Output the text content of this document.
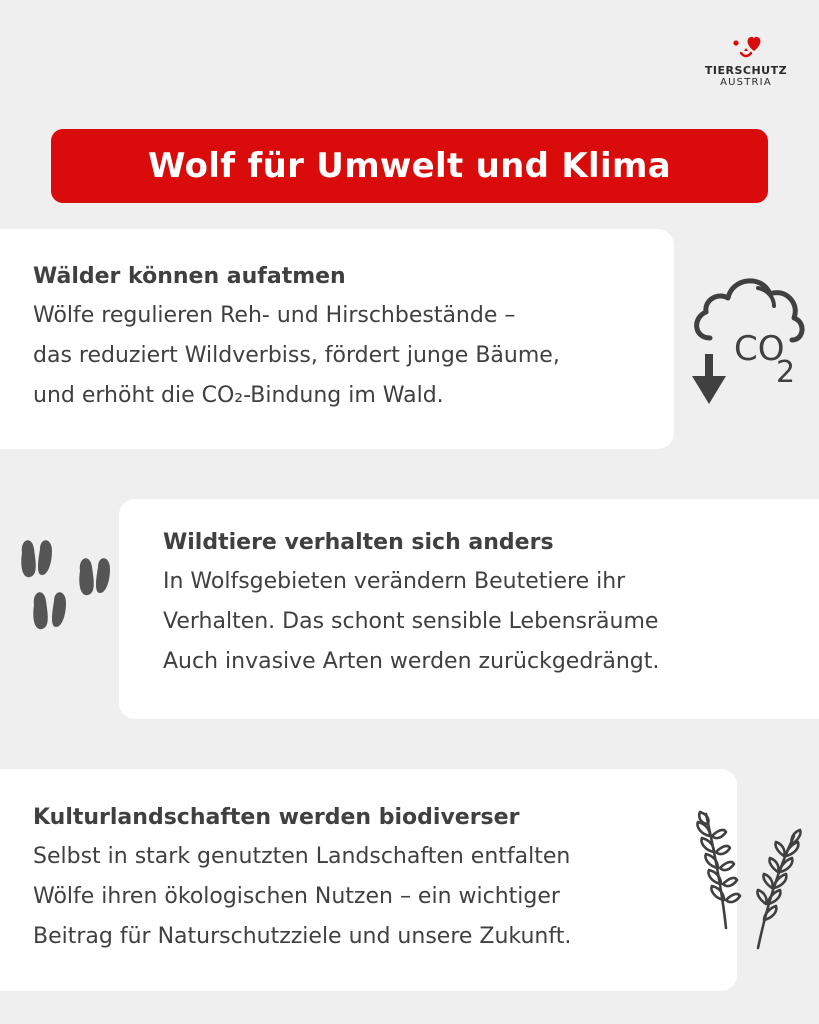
TIERSCHUTZ
AUSTRIA
Wolf für Umwelt und Klima
Wälder können aufatmen
Wölfe regulieren Reh- und Hirschbestände –
das reduziert Wildverbiss, fördert junge Bäume,
und erhöht die CO₂-Bindung im Wald.
Wildtiere verhalten sich anders
In Wolfsgebieten verändern Beutetiere ihr
Verhalten. Das schont sensible Lebensräume
Auch invasive Arten werden zurückgedrängt.
Kulturlandschaften werden biodiverser
Selbst in stark genutzten Landschaften entfalten
Wölfe ihren ökologischen Nutzen – ein wichtiger
Beitrag für Naturschutzziele und unsere Zukunft.
CO
2
